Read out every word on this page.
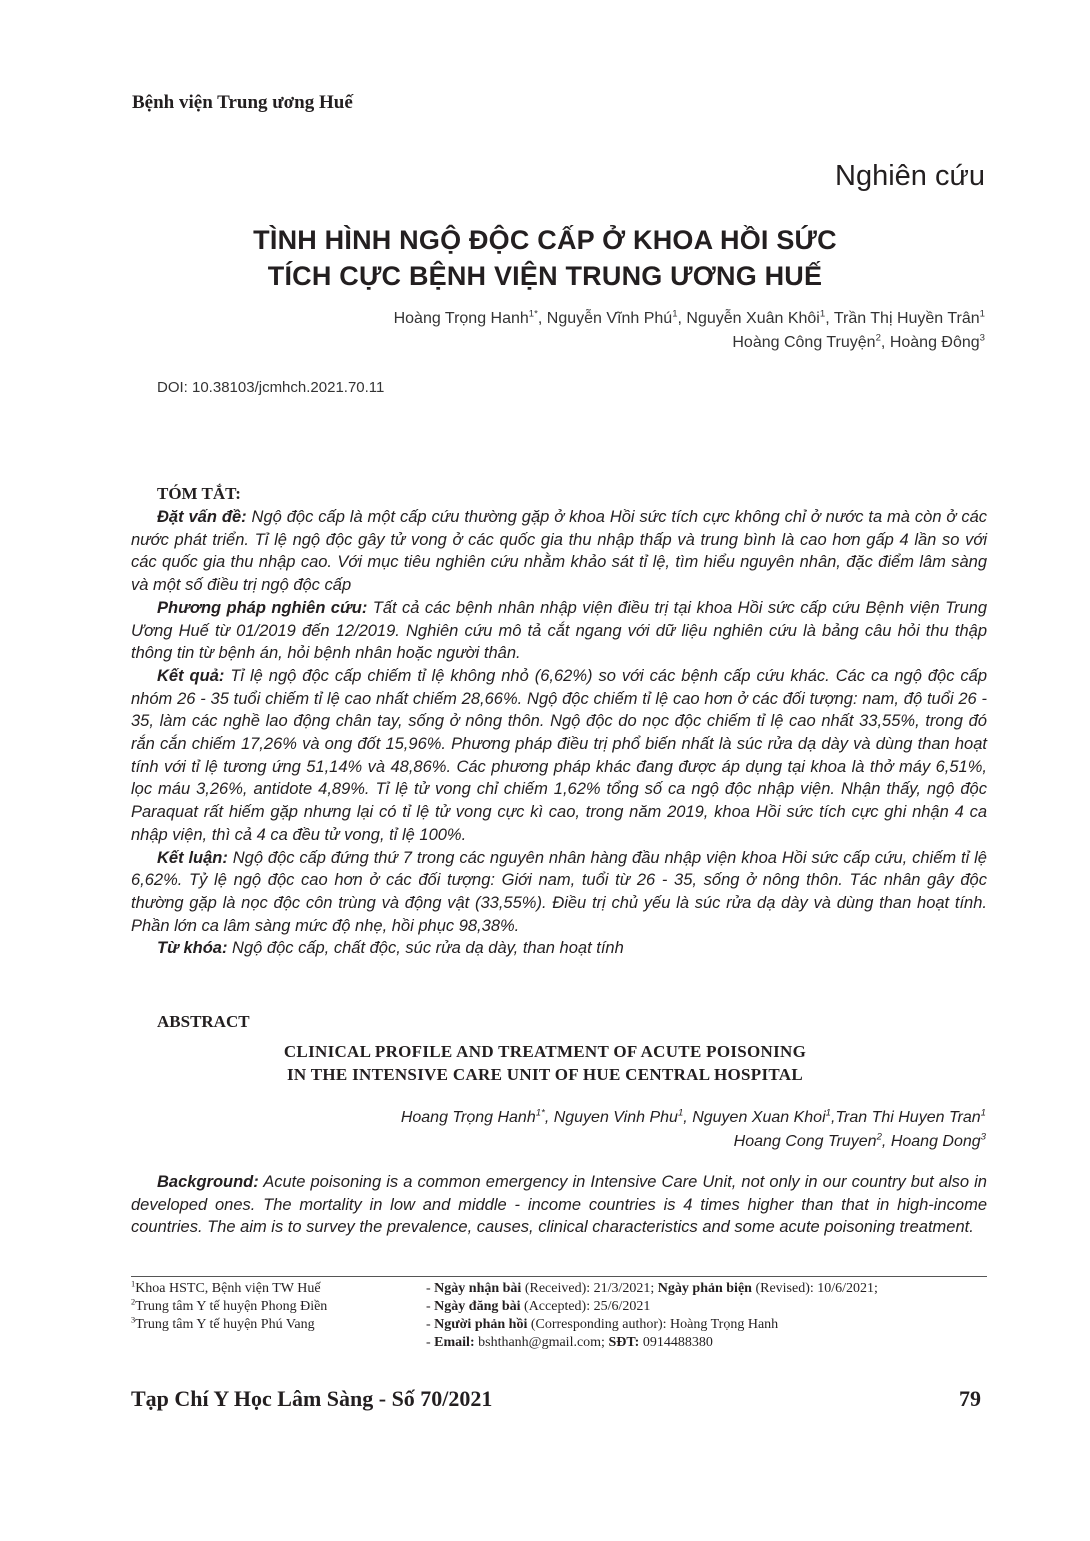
Bệnh viện Trung ương Huế
Nghiên cứu
TÌNH HÌNH NGỘ ĐỘC CẤP Ở KHOA HỒI SỨC
TÍCH CỰC BỆNH VIỆN TRUNG ƯƠNG HUẾ
Hoàng Trọng Hanh$^{1*}$, Nguyễn Vĩnh Phú$^1$, Nguyễn Xuân Khôi$^1$, Trần Thị Huyền Trân$^1$
Hoàng Công Truyện$^2$, Hoàng Đông$^3$
DOI: 10.38103/jcmhch.2021.70.11
TÓM TẮT:

Đặt vấn đề: Ngộ độc cấp là một cấp cứu thường gặp ở khoa Hồi sức tích cực không chỉ ở nước ta mà còn ở các nước phát triển. Tỉ lệ ngộ độc gây tử vong ở các quốc gia thu nhập thấp và trung bình là cao hơn gấp 4 lần so với các quốc gia thu nhập cao. Với mục tiêu nghiên cứu nhằm khảo sát tỉ lệ, tìm hiểu nguyên nhân, đặc điểm lâm sàng và một số điều trị ngộ độc cấp

Phương pháp nghiên cứu: Tất cả các bệnh nhân nhập viện điều trị tại khoa Hồi sức cấp cứu Bệnh viện Trung Ương Huế từ 01/2019 đến 12/2019. Nghiên cứu mô tả cắt ngang với dữ liệu nghiên cứu là bảng câu hỏi thu thập thông tin từ bệnh án, hỏi bệnh nhân hoặc người thân.

Kết quả: Tỉ lệ ngộ độc cấp chiếm tỉ lệ không nhỏ (6,62%) so với các bệnh cấp cứu khác. Các ca ngộ độc cấp nhóm 26 - 35 tuổi chiếm tỉ lệ cao nhất chiếm 28,66%. Ngộ độc chiếm tỉ lệ cao hơn ở các đối tượng: nam, độ tuổi 26 - 35, làm các nghề lao động chân tay, sống ở nông thôn. Ngộ độc do nọc độc chiếm tỉ lệ cao nhất 33,55%, trong đó rắn cắn chiếm 17,26% và ong đốt 15,96%. Phương pháp điều trị phổ biến nhất là súc rửa dạ dày và dùng than hoạt tính với tỉ lệ tương ứng 51,14% và 48,86%. Các phương pháp khác đang được áp dụng tại khoa là thở máy 6,51%, lọc máu 3,26%, antidote 4,89%. Tỉ lệ tử vong chỉ chiếm 1,62% tổng số ca ngộ độc nhập viện. Nhận thấy, ngộ độc Paraquat rất hiếm gặp nhưng lại có tỉ lệ tử vong cực kì cao, trong năm 2019, khoa Hồi sức tích cực ghi nhận 4 ca nhập viện, thì cả 4 ca đều tử vong, tỉ lệ 100%.

Kết luận: Ngộ độc cấp đứng thứ 7 trong các nguyên nhân hàng đầu nhập viện khoa Hồi sức cấp cứu, chiếm tỉ lệ 6,62%. Tỷ lệ ngộ độc cao hơn ở các đối tượng: Giới nam, tuổi từ 26 - 35, sống ở nông thôn. Tác nhân gây độc thường gặp là nọc độc côn trùng và động vật (33,55%). Điều trị chủ yếu là súc rửa dạ dày và dùng than hoạt tính. Phần lớn ca lâm sàng mức độ nhẹ, hồi phục 98,38%.

Từ khóa: Ngộ độc cấp, chất độc, súc rửa dạ dày, than hoạt tính

ABSTRACT
CLINICAL PROFILE AND TREATMENT OF ACUTE POISONING
IN THE INTENSIVE CARE UNIT OF HUE CENTRAL HOSPITAL
Hoang Trọng Hanh$^{1*}$, Nguyen Vinh Phu$^1$, Nguyen Xuan Khoi$^1$,Tran Thi Huyen Tran$^1$
Hoang Cong Truyen$^2$, Hoang Dong$^3$

Background: Acute poisoning is a common emergency in Intensive Care Unit, not only in our country but also in developed ones. The mortality in low and middle - income countries is 4 times higher than that in high-income countries. The aim is to survey the prevalence, causes, clinical characteristics and some acute poisoning treatment.

$^1$Khoa HSTC, Bệnh viện TW Huế
$^2$Trung tâm Y tế huyện Phong Điền
$^3$Trung tâm Y tế huyện Phú Vang
- Ngày nhận bài (Received): 21/3/2021; Ngày phản biện (Revised): 10/6/2021;
- Ngày đăng bài (Accepted): 25/6/2021
- Người phản hồi (Corresponding author): Hoàng Trọng Hanh
- Email: bshthanh@gmail.com; SĐT: 0914488380
Tạp Chí Y Học Lâm Sàng - Số 70/2021	79
